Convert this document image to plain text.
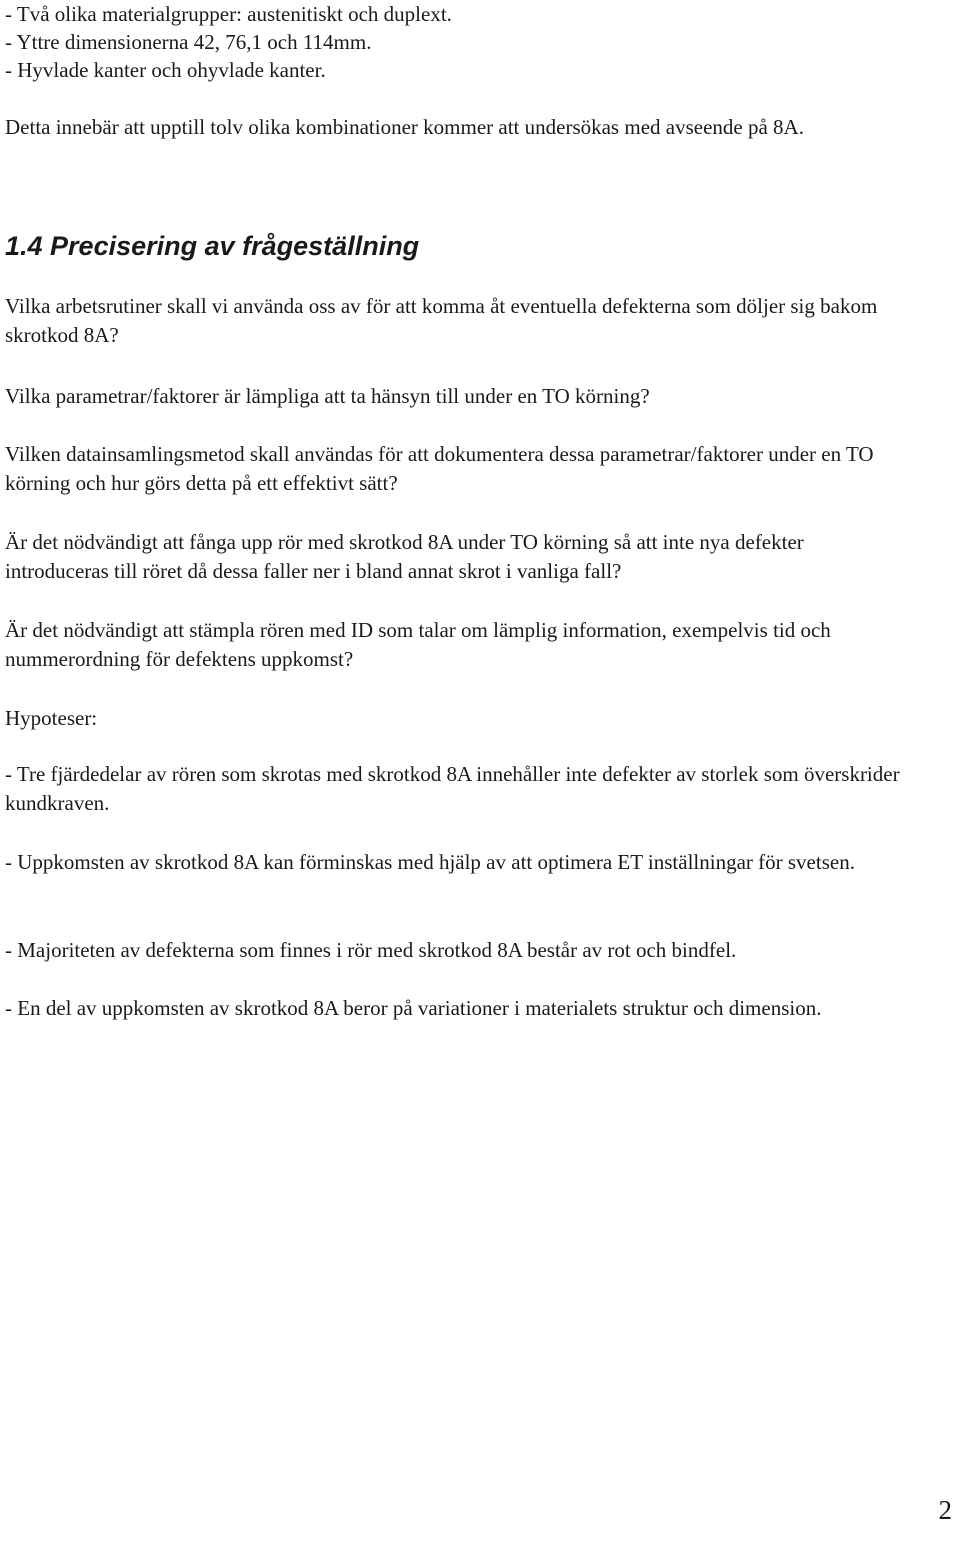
- Två olika materialgrupper: austenitiskt och duplext.

- Yttre dimensionerna 42, 76,1 och 114mm.

- Hyvlade kanter och ohyvlade kanter.

Detta innebär att upptill tolv olika kombinationer kommer att undersökas med avseende på 8A.

1.4 Precisering av frågeställning

Vilka arbetsrutiner skall vi använda oss av för att komma åt eventuella defekterna som döljer sig bakom skrotkod 8A?

Vilka parametrar/faktorer är lämpliga att ta hänsyn till under en TO körning?

Vilken datainsamlingsmetod skall användas för att dokumentera dessa parametrar/faktorer under en TO körning och hur görs detta på ett effektivt sätt?

Är det nödvändigt att fånga upp rör med skrotkod 8A under TO körning så att inte nya defekter introduceras till röret då dessa faller ner i bland annat skrot i vanliga fall?

Är det nödvändigt att stämpla rören med ID som talar om lämplig information, exempelvis tid och nummerordning för defektens uppkomst?

Hypoteser:

- Tre fjärdedelar av rören som skrotas med skrotkod 8A innehåller inte defekter av storlek som överskrider kundkraven.

- Uppkomsten av skrotkod 8A kan förminskas med hjälp av att optimera ET inställningar för svetsen.

- Majoriteten av defekterna som finnes i rör med skrotkod 8A består av rot och bindfel.

- En del av uppkomsten av skrotkod 8A beror på variationer i materialets struktur och dimension.

2
